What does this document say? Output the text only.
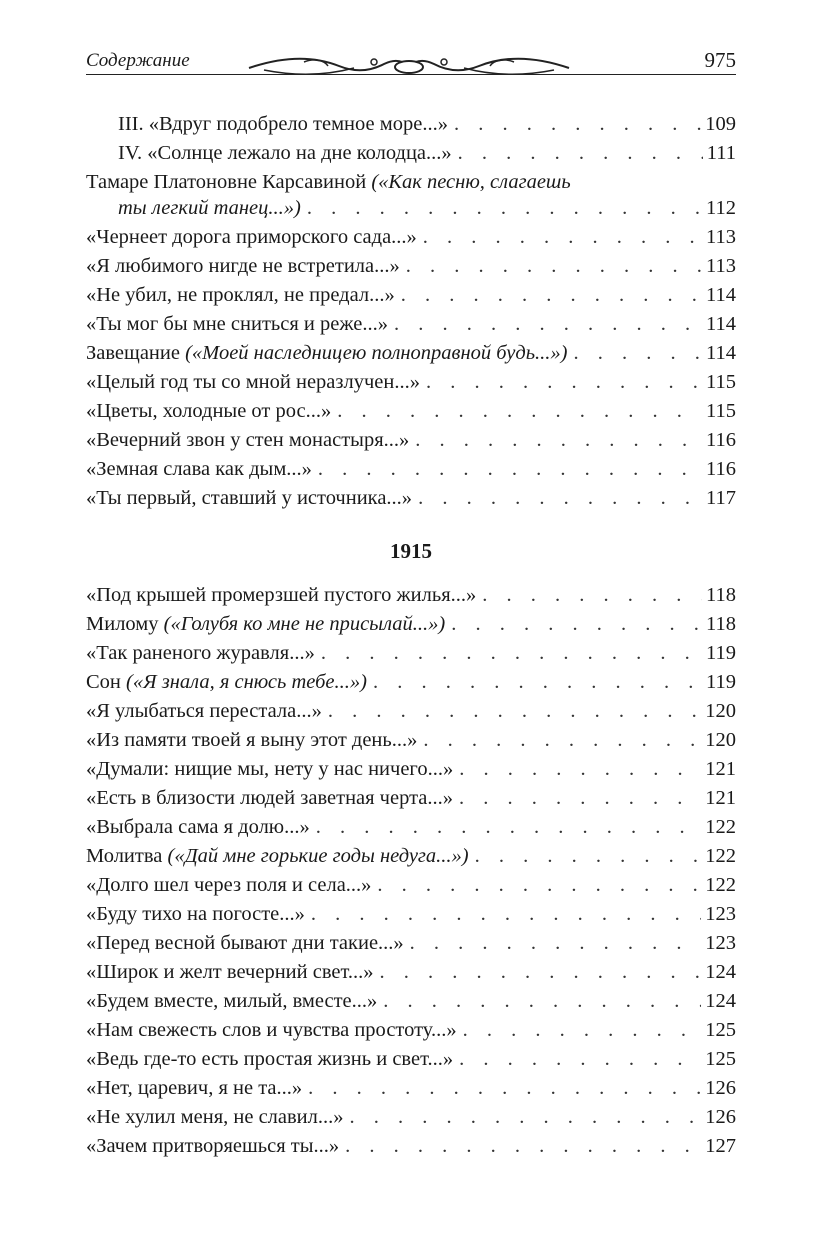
Содержание	975
III. «Вдруг подобрело темное море...» . . .	109
IV. «Солнце лежало на дне колодца...» . . .	111
Тамаре Платоновне Карсавиной («Как песню, слагаешь
ты легкий танец...») . . .	112
«Чернеет дорога приморского сада...» . . .	113
«Я любимого нигде не встретила...» . . .	113
«Не убил, не проклял, не предал...» . . .	114
«Ты мог бы мне сниться и реже...» . . .	114
Завещание («Моей наследницею полноправной будь...») . . .	114
«Целый год ты со мной неразлучен...» . . .	115
«Цветы, холодные от рос...» . . .	115
«Вечерний звон у стен монастыря...» . . .	116
«Земная слава как дым...» . . .	116
«Ты первый, ставший у источника...» . . .	117
1915
«Под крышей промерзшей пустого жилья...» . . .	118
Милому («Голубя ко мне не присылай...») . . .	118
«Так раненого журавля...» . . .	119
Сон («Я знала, я снюсь тебе...») . . .	119
«Я улыбаться перестала...» . . .	120
«Из памяти твоей я выну этот день...» . . .	120
«Думали: нищие мы, нету у нас ничего...» . . .	121
«Есть в близости людей заветная черта...» . . .	121
«Выбрала сама я долю...» . . .	122
Молитва («Дай мне горькие годы недуга...») . . .	122
«Долго шел через поля и села...» . . .	122
«Буду тихо на погосте...» . . .	123
«Перед весной бывают дни такие...» . . .	123
«Широк и желт вечерний свет...» . . .	124
«Будем вместе, милый, вместе...» . . .	124
«Нам свежесть слов и чувства простоту...» . . .	125
«Ведь где-то есть простая жизнь и свет...» . . .	125
«Нет, царевич, я не та...» . . .	126
«Не хулил меня, не славил...» . . .	126
«Зачем притворяешься ты...» . . .	127
